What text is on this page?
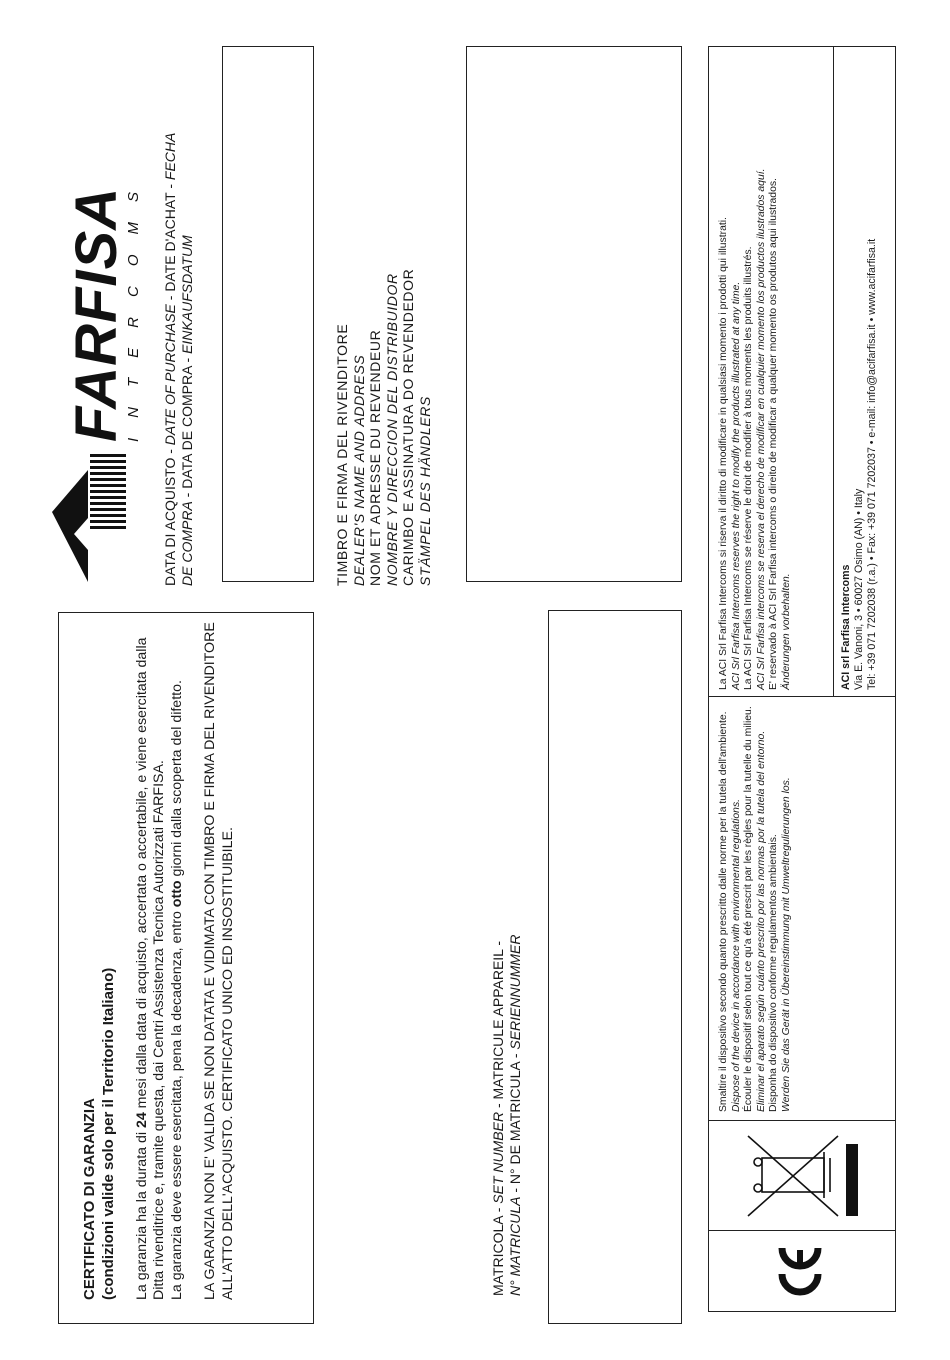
CERTIFICATO DI GARANZIA (condizioni valide solo per il Territorio Italiano) La garanzia ha la durata di 24 mesi dalla data di acquisto, accertata o accertabile, e viene esercitata dalla Ditta rivenditrice e, tramite questa, dai Centri Assistenza Tecnica Autorizzati FARFISA. La garanzia deve essere esercitata, pena la decadenza, entro otto giorni dalla scoperta del difetto. LA GARANZIA NON E' VALIDA SE NON DATATA E VIDIMATA CON TIMBRO E FIRMA DEL RIVENDITORE ALL'ATTO DELL'ACQUISTO. CERTIFICATO UNICO ED INSOSTITUIBILE.	MATRICOLA - SET NUMBER - MATRICULE APPAREIL -
N° MATRICULA - N° DE MATRICULA - SERIENNUMMER
FARFISA
INTERCOMS
DATA DI ACQUISTO - DATE OF PURCHASE - DATE D'ACHAT - FECHA
DE COMPRA - DATA DE COMPRA - EINKAUFSDATUM
TIMBRO E FIRMA DEL RIVENDITORE DEALER'S NAME AND ADDRESS NOM ET ADRESSE DU REVENDEUR NOMBRE Y DIRECCION DEL DISTRIBUIDOR CARIMBO E ASSINATURA DO REVENDEDOR STÄMPEL DES HÄNDLERS

Smaltire il dispositivo secondo quanto prescritto dalle norme per la tutela dell'ambiente. Dispose of the device in accordance with environmental regulations. Écouler le dispositif selon tout ce qu'a été prescrit par les règles pour la tutelle du milieu. Eliminar el aparato según cuánto prescrito por las normas por la tutela del entorno. Disponha do dispositivo conforme regulamentos ambientais. Werden Sie das Gerät in Übereinstimmung mit Umweltregulierungen los.

La ACI Srl Farfisa Intercoms si riserva il diritto di modificare in qualsiasi momento i prodotti qui illustrati. ACI Srl Farfisa Intercoms reserves the right to modify the products illustrated at any time. La ACI Srl Farfisa Intercoms se réserve le droit de modifier à tous moments les produits illustrés. ACI Srl Farfisa intercoms se reserva el derecho de modificar en cualquier momento los productos ilustrados aquí. E' reservado à ACI Srl Farfisa intercoms o direito de modificar a qualquer momento os produtos aqui ilustrados. Änderungen vorbehalten.	ACI srl Farfisa Intercoms Via E. Vanoni, 3 • 60027 Osimo (AN) • Italy Tel: +39 071 7202038 (r.a.) • Fax: +39 071 7202037 • e-mail: info@acifarfisa.it • www.acifarfisa.it
